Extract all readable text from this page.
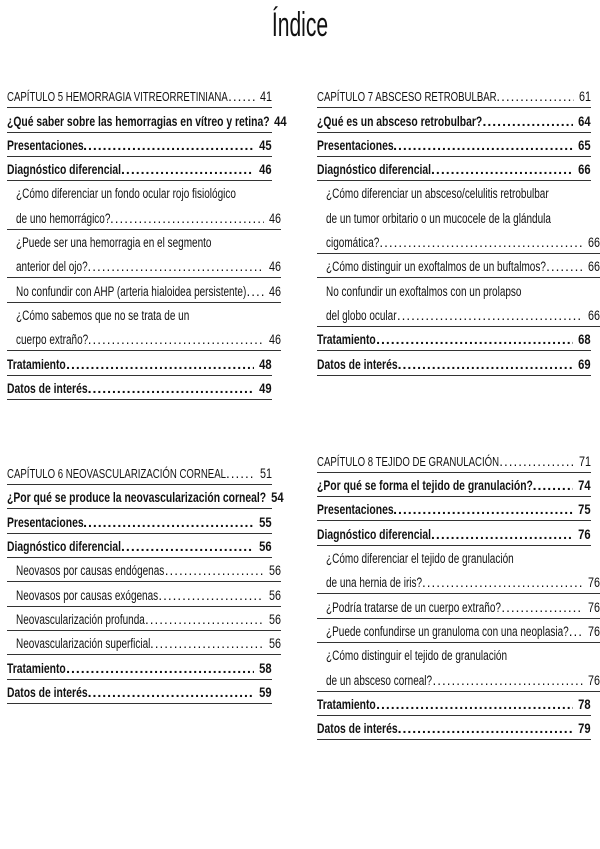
Índice
CAPÍTULO 5 HEMORRAGIA VITREORRETINIANA ..... 41
¿Qué saber sobre las hemorragias en vítreo y retina? 44
Presentaciones .....	45
Diagnóstico diferencial .....	46
¿Cómo diferenciar un fondo ocular rojo fisiológico
de uno hemorrágico? .....	46
¿Puede ser una hemorragia en el segmento
anterior del ojo? .....	46
No confundir con AHP (arteria hialoidea persistente) ..... 46
¿Cómo sabemos que no se trata de un
cuerpo extraño? .....	46
Tratamiento .....	48
Datos de interés .....	49
CAPÍTULO 6 NEOVASCULARIZACIÓN CORNEAL .....	51
¿Por qué se produce la neovascularización corneal? 54
Presentaciones .....	55
Diagnóstico diferencial .....	56
Neovasos por causas endógenas .....	56
Neovasos por causas exógenas .....	56
Neovascularización profunda .....	56
Neovascularización superficial .....	56
Tratamiento .....	58
Datos de interés .....	59
CAPÍTULO 7 ABSCESO RETROBULBAR .....	61
¿Qué es un absceso retrobulbar? .....	64
Presentaciones .....	65
Diagnóstico diferencial .....	66
¿Cómo diferenciar un absceso/celulitis retrobulbar
de un tumor orbitario o un mucocele de la glándula
cigomática? .....	66
¿Cómo distinguir un exoftalmos de un buftalmos? .....	66
No confundir un exoftalmos con un prolapso
del globo ocular .....	66
Tratamiento .....	68
Datos de interés .....	69
CAPÍTULO 8 TEJIDO DE GRANULACIÓN .....	71
¿Por qué se forma el tejido de granulación? .....	74
Presentaciones .....	75
Diagnóstico diferencial .....	76
¿Cómo diferenciar el tejido de granulación
de una hernia de iris? .....	76
¿Podría tratarse de un cuerpo extraño? .....	76
¿Puede confundirse un granuloma con una neoplasia? ..... 76
¿Cómo distinguir el tejido de granulación
de un absceso corneal? .....	76
Tratamiento .....	78
Datos de interés .....	79
